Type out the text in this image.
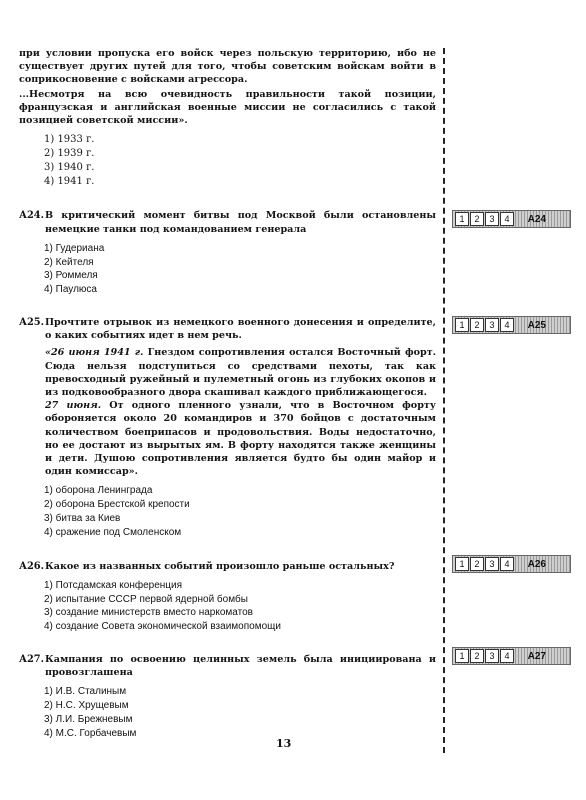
при условии пропуска его войск через польскую территорию, ибо не существует других путей для того, чтобы советским войскам войти в соприкосновение с войсками агрессора.

...Несмотря на всю очевидность правильности такой позиции, французская и английская военные миссии не согласились с такой позицией советской миссии».

1) 1933 г.
2) 1939 г.
3) 1940 г.
4) 1941 г.
А24. В критический момент битвы под Москвой были остановлены немецкие танки под командованием генерала
1) Гудериана
2) Кейтеля
3) Роммеля
4) Паулюса
А25. Прочтите отрывок из немецкого военного донесения и определите, о каких событиях идет в нем речь.

«26 июня 1941 г. Гнездом сопротивления остался Восточный форт. Сюда нельзя подступиться со средствами пехоты, так как превосходный ружейный и пулеметный огонь из глубоких окопов и из подковообразного двора скашивал каждого приближающегося.

27 июня. От одного пленного узнали, что в Восточном форту обороняется около 20 командиров и 370 бойцов с достаточным количеством боеприпасов и продовольствия. Воды недостаточно, но ее достают из вырытых ям. В форту находятся также женщины и дети. Душою сопротивления является будто бы один майор и один комиссар».

1) оборона Ленинграда
2) оборона Брестской крепости
3) битва за Киев
4) сражение под Смоленском
А26. Какое из названных событий произошло раньше остальных?
1) Потсдамская конференция
2) испытание СССР первой ядерной бомбы
3) создание министерств вместо наркоматов
4) создание Совета экономической взаимопомощи
А27. Кампания по освоению целинных земель была инициирована и провозглашена
1) И.В. Сталиным
2) Н.С. Хрущевым
3) Л.И. Брежневым
4) М.С. Горбачевым
1	2	3	4	А24
1	2	3	4	А25
1	2	3	4	А26
1	2	3	4	А27
13
